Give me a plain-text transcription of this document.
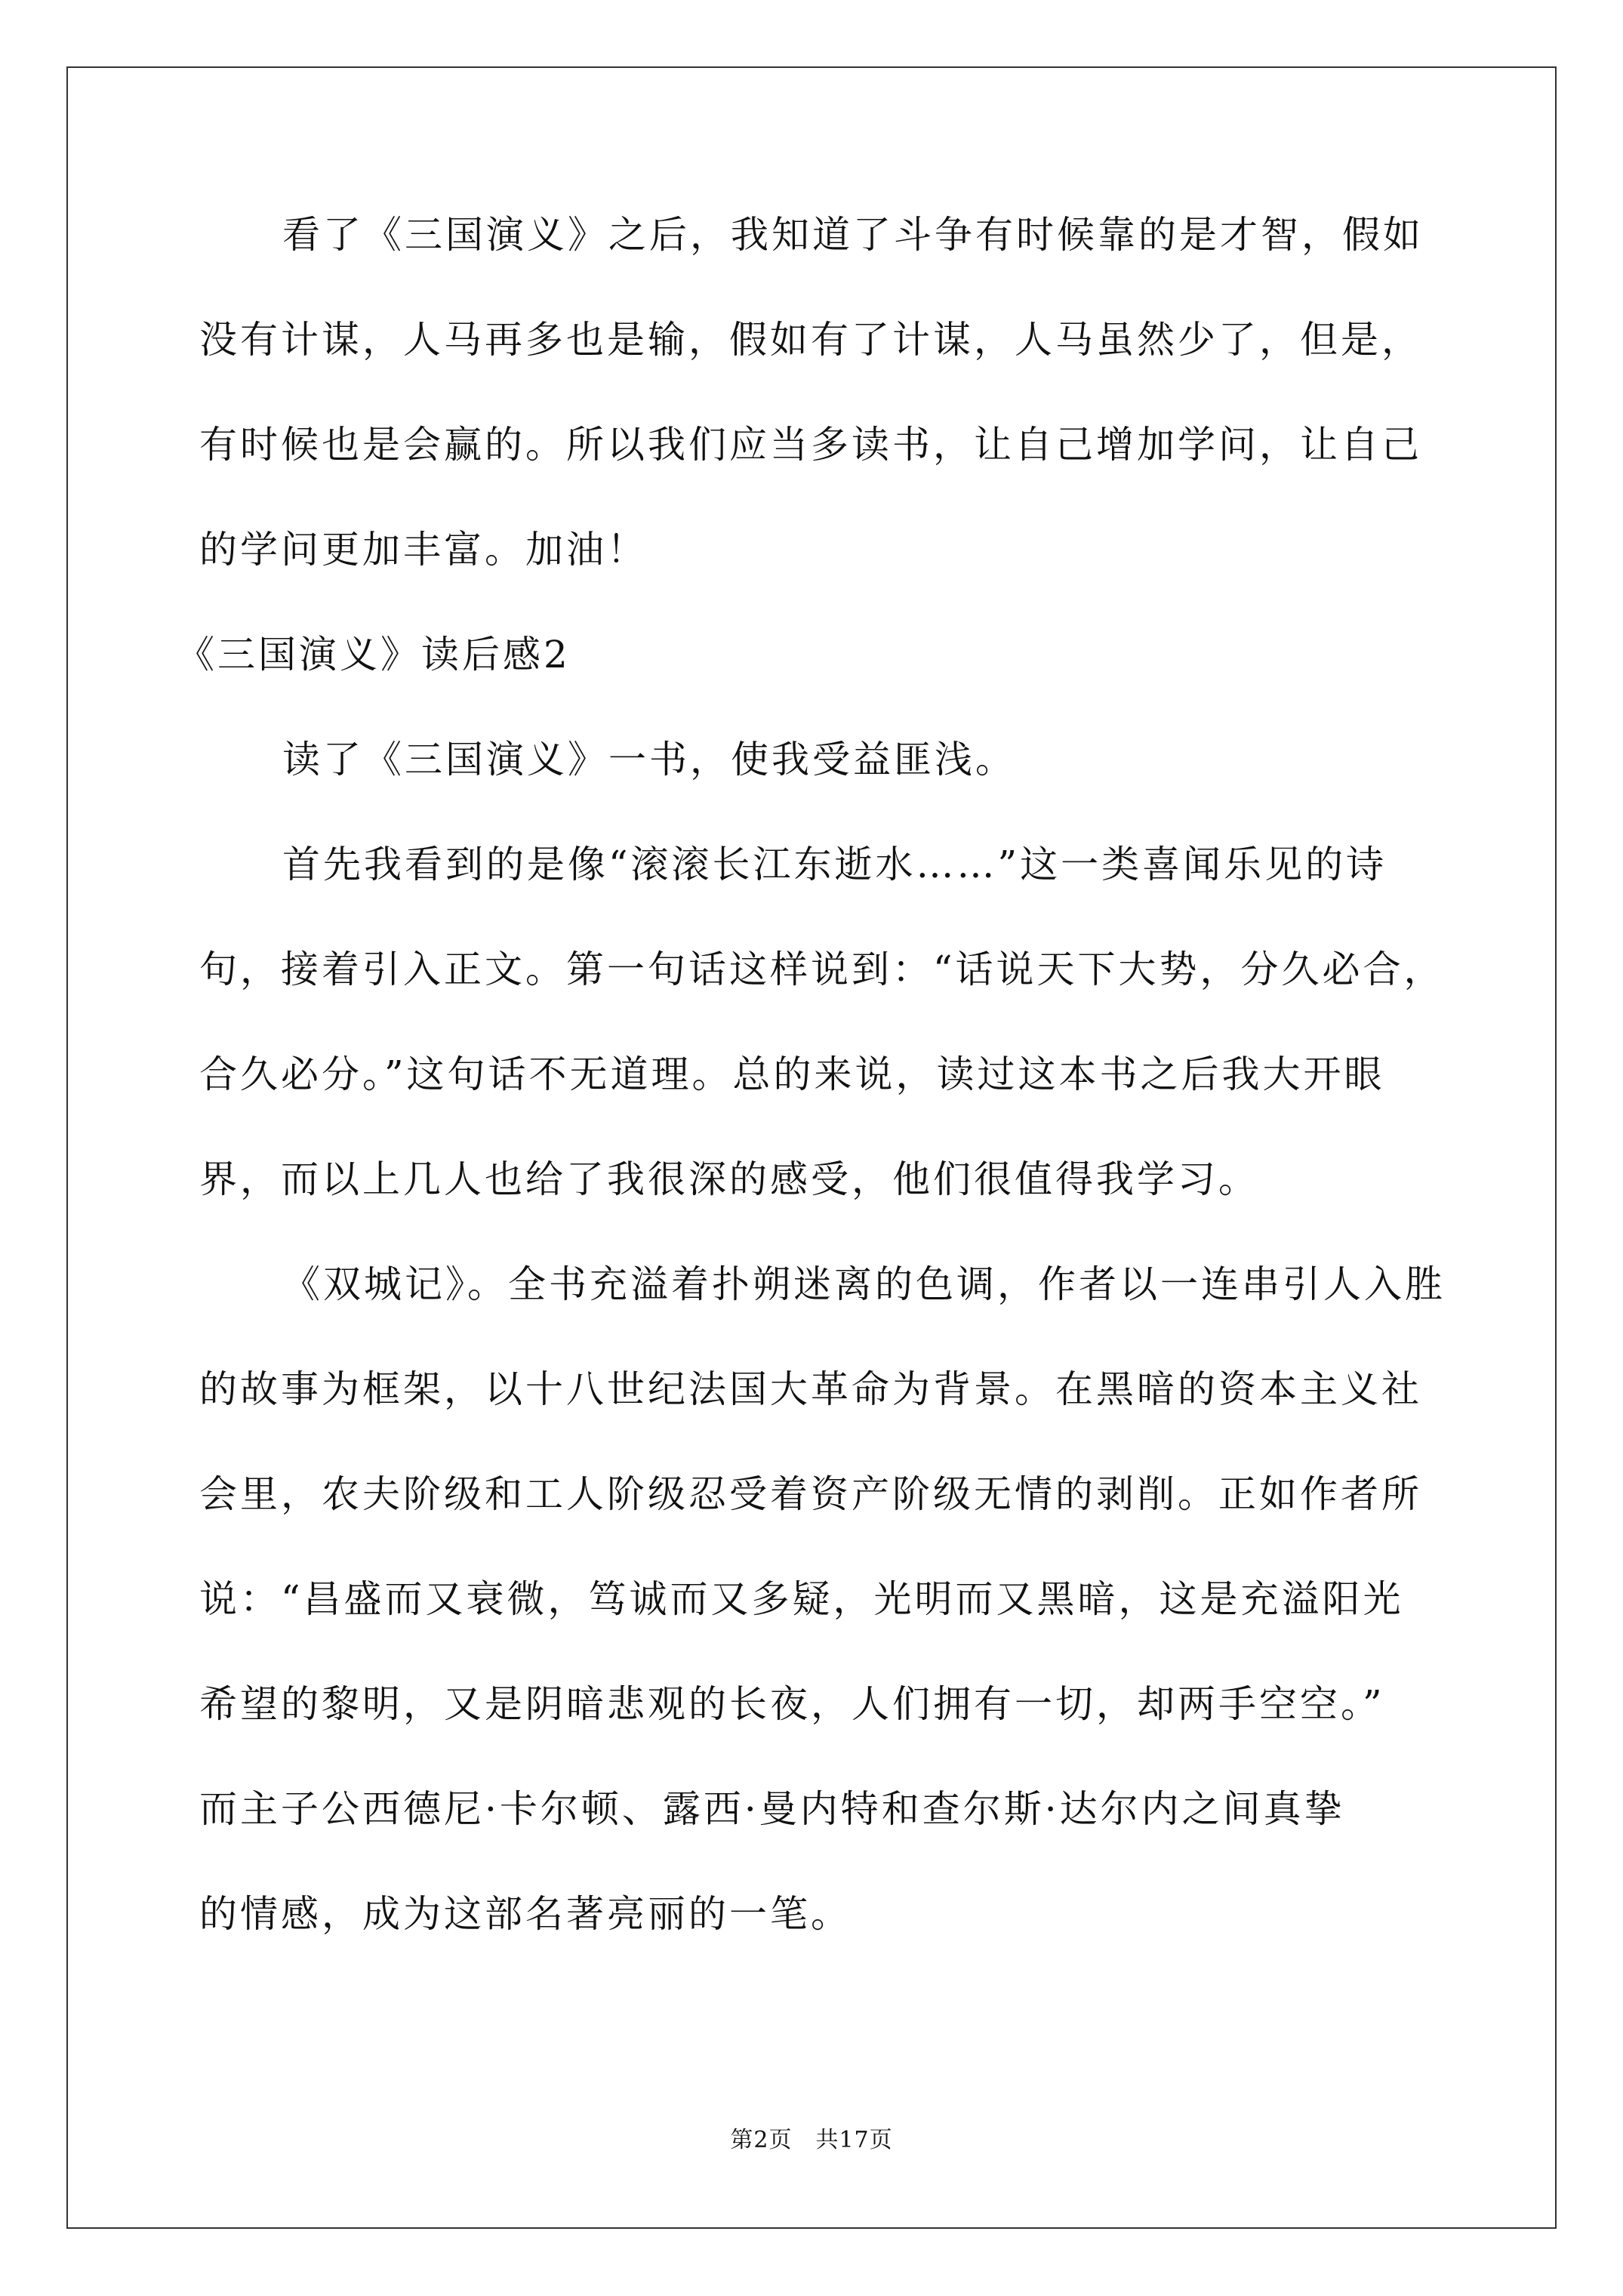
看了《三国演义》之后，我知道了斗争有时候靠的是才智，假如

没有计谋，人马再多也是输，假如有了计谋，人马虽然少了，但是，

有时候也是会赢的。所以我们应当多读书，让自己增加学问，让自己

的学问更加丰富。加油！

《三国演义》读后感2

读了《三国演义》一书，使我受益匪浅。

首先我看到的是像“滚滚长江东逝水……”这一类喜闻乐见的诗

句，接着引入正文。第一句话这样说到：“话说天下大势，分久必合，

合久必分。”这句话不无道理。总的来说，读过这本书之后我大开眼

界，而以上几人也给了我很深的感受，他们很值得我学习。

《双城记》。全书充溢着扑朔迷离的色调，作者以一连串引人入胜

的故事为框架，以十八世纪法国大革命为背景。在黑暗的资本主义社

会里，农夫阶级和工人阶级忍受着资产阶级无情的剥削。正如作者所

说：“昌盛而又衰微，笃诚而又多疑，光明而又黑暗，这是充溢阳光

希望的黎明，又是阴暗悲观的长夜，人们拥有一切，却两手空空。”

而主子公西德尼·卡尔顿、露西·曼内特和查尔斯·达尔内之间真挚

的情感，成为这部名著亮丽的一笔。

第2页　共17页
